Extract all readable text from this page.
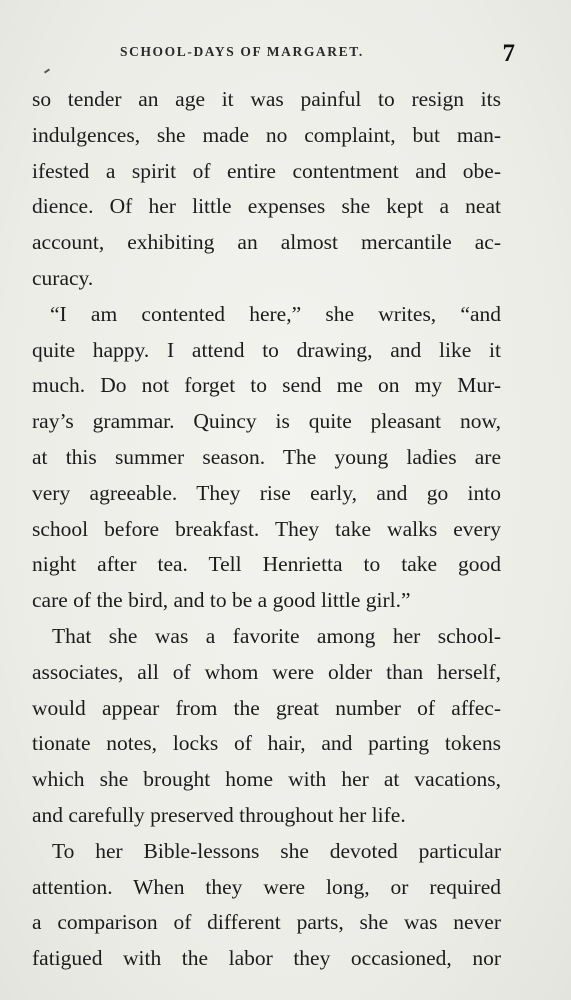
SCHOOL-DAYS OF MARGARET.	7
so tender an age it was painful to resign its
indulgences, she made no complaint, but man-
ifested a spirit of entire contentment and obe-
dience. Of her little expenses she kept a neat
account, exhibiting an almost mercantile ac-
curacy.
“I am contented here,” she writes, “and
quite happy. I attend to drawing, and like it
much. Do not forget to send me on my Mur-
ray’s grammar. Quincy is quite pleasant now,
at this summer season. The young ladies are
very agreeable. They rise early, and go into
school before breakfast. They take walks every
night after tea. Tell Henrietta to take good
care of the bird, and to be a good little girl.”
That she was a favorite among her school-
associates, all of whom were older than herself,
would appear from the great number of affec-
tionate notes, locks of hair, and parting tokens
which she brought home with her at vacations,
and carefully preserved throughout her life.
To her Bible-lessons she devoted particular
attention. When they were long, or required
a comparison of different parts, she was never
fatigued with the labor they occasioned, nor
